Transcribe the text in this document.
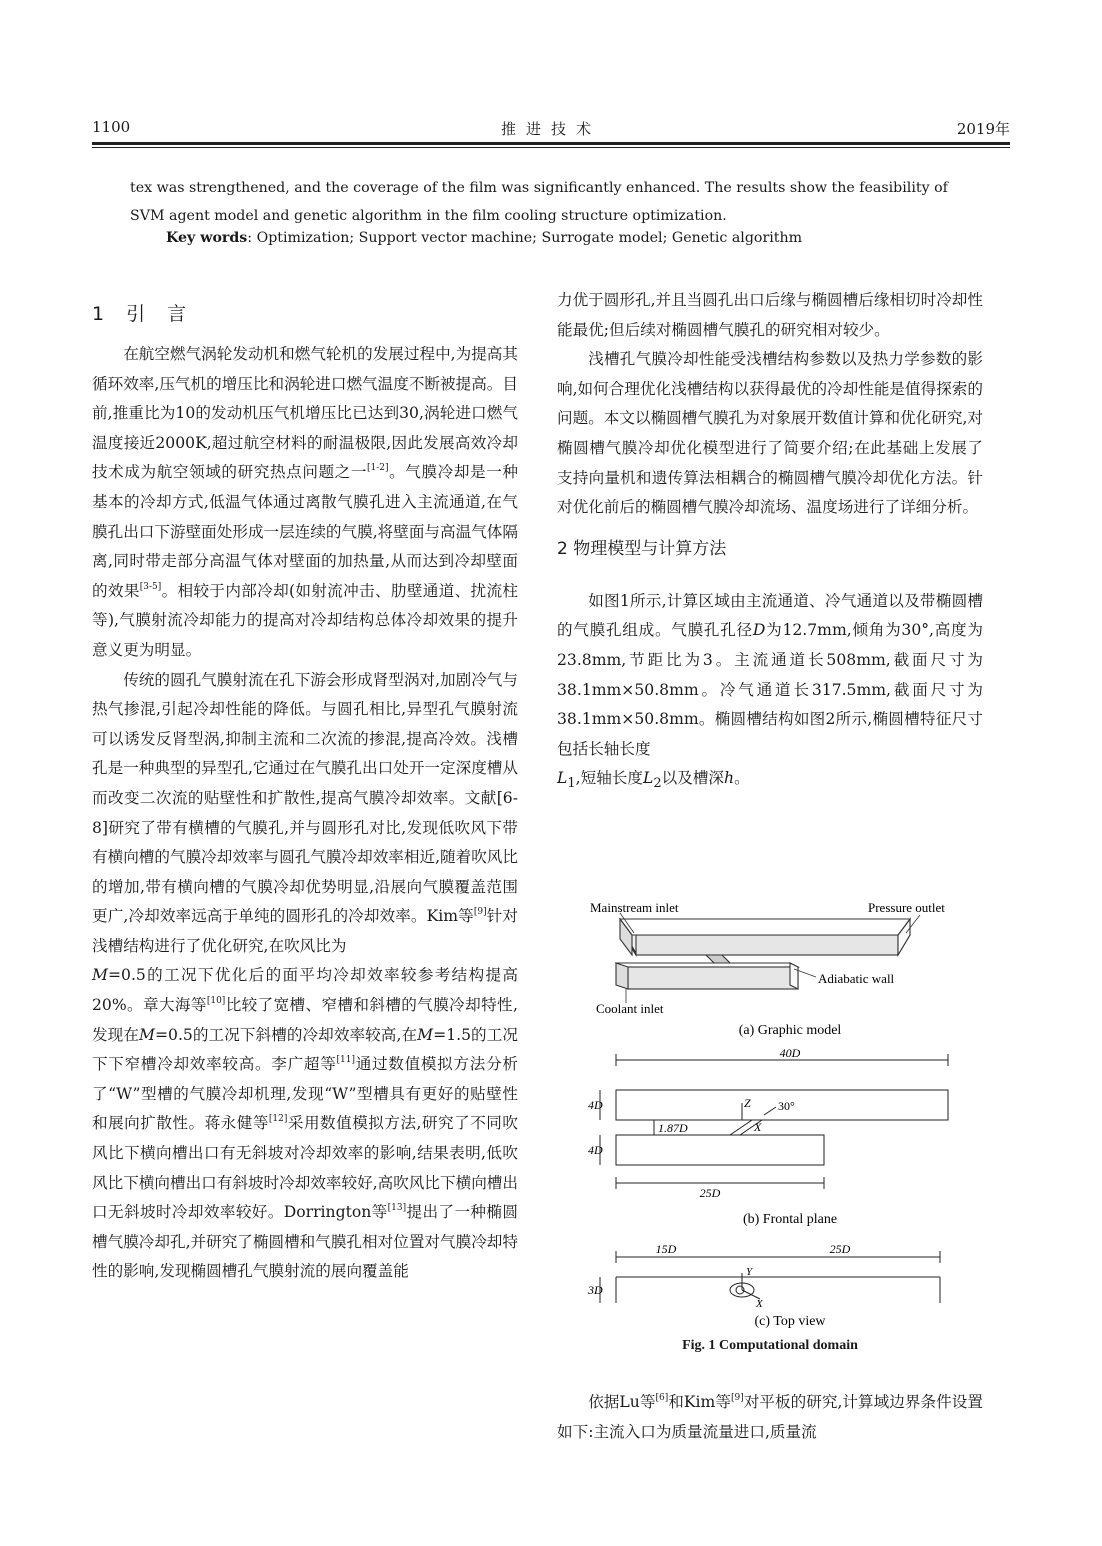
1100	推进技术	2019年

tex was strengthened, and the coverage of the film was significantly enhanced. The results show the feasibility of

SVM agent model and genetic algorithm in the film cooling structure optimization.

Key words: Optimization; Support vector machine; Surrogate model; Genetic algorithm
1 引 言

在航空燃气涡轮发动机和燃气轮机的发展过程中,为提高其循环效率,压气机的增压比和涡轮进口燃气温度不断被提高。目前,推重比为10的发动机压气机增压比已达到30,涡轮进口燃气温度接近2000K,超过航空材料的耐温极限,因此发展高效冷却技术成为航空领域的研究热点问题之一[1-2]。气膜冷却是一种基本的冷却方式,低温气体通过离散气膜孔进入主流通道,在气膜孔出口下游壁面处形成一层连续的气膜,将壁面与高温气体隔离,同时带走部分高温气体对壁面的加热量,从而达到冷却壁面的效果[3-5]。相较于内部冷却(如射流冲击、肋壁通道、扰流柱等),气膜射流冷却能力的提高对冷却结构总体冷却效果的提升意义更为明显。

传统的圆孔气膜射流在孔下游会形成肾型涡对,加剧冷气与热气掺混,引起冷却性能的降低。与圆孔相比,异型孔气膜射流可以诱发反肾型涡,抑制主流和二次流的掺混,提高冷效。浅槽孔是一种典型的异型孔,它通过在气膜孔出口处开一定深度槽从而改变二次流的贴壁性和扩散性,提高气膜冷却效率。文献[6-8]研究了带有横槽的气膜孔,并与圆形孔对比,发现低吹风下带有横向槽的气膜冷却效率与圆孔气膜冷却效率相近,随着吹风比的增加,带有横向槽的气膜冷却优势明显,沿展向气膜覆盖范围更广,冷却效率远高于单纯的圆形孔的冷却效率。Kim等[9]针对浅槽结构进行了优化研究,在吹风比为
M=0.5的工况下优化后的面平均冷却效率较参考结构提高20%。章大海等[10]比较了宽槽、窄槽和斜槽的气膜冷却特性,发现在M=0.5的工况下斜槽的冷却效率较高,在M=1.5的工况下下窄槽冷却效率较高。李广超等[11]通过数值模拟方法分析了“W”型槽的气膜冷却机理,发现“W”型槽具有更好的贴壁性和展向扩散性。蒋永健等[12]采用数值模拟方法,研究了不同吹风比下横向槽出口有无斜坡对冷却效率的影响,结果表明,低吹风比下横向槽出口有斜坡时冷却效率较好,高吹风比下横向槽出口无斜坡时冷却效率较好。Dorrington等[13]提出了一种椭圆槽气膜冷却孔,并研究了椭圆槽和气膜孔相对位置对气膜冷却特性的影响,发现椭圆槽孔气膜射流的展向覆盖能

力优于圆形孔,并且当圆孔出口后缘与椭圆槽后缘相切时冷却性能最优;但后续对椭圆槽气膜孔的研究相对较少。

浅槽孔气膜冷却性能受浅槽结构参数以及热力学参数的影响,如何合理优化浅槽结构以获得最优的冷却性能是值得探索的问题。本文以椭圆槽气膜孔为对象展开数值计算和优化研究,对椭圆槽气膜冷却优化模型进行了简要介绍;在此基础上发展了支持向量机和遗传算法相耦合的椭圆槽气膜冷却优化方法。针对优化前后的椭圆槽气膜冷却流场、温度场进行了详细分析。

2 物理模型与计算方法

如图1所示,计算区域由主流通道、冷气通道以及带椭圆槽的气膜孔组成。气膜孔孔径D为12.7mm,倾角为30°,高度为23.8mm,节距比为3。主流通道长508mm,截面尺寸为38.1mm×50.8mm。冷气通道长317.5mm,截面尺寸为38.1mm×50.8mm。椭圆槽结构如图2所示,椭圆槽特征尺寸包括长轴长度
$L_1$,短轴长度$L_2$以及槽深h。

Mainstream inlet	Pressure outlet
Adiabatic wall
Coolant inlet
(a) Graphic model
40D
4D
4D
1.87D
30°
Z
X
25D
(b) Frontal plane
15D	25D
3D
Y
X
(c) Top view
Fig. 1 Computational domain

依据Lu等[6]和Kim等[9]对平板的研究,计算域边界条件设置如下:主流入口为质量流量进口,质量流
